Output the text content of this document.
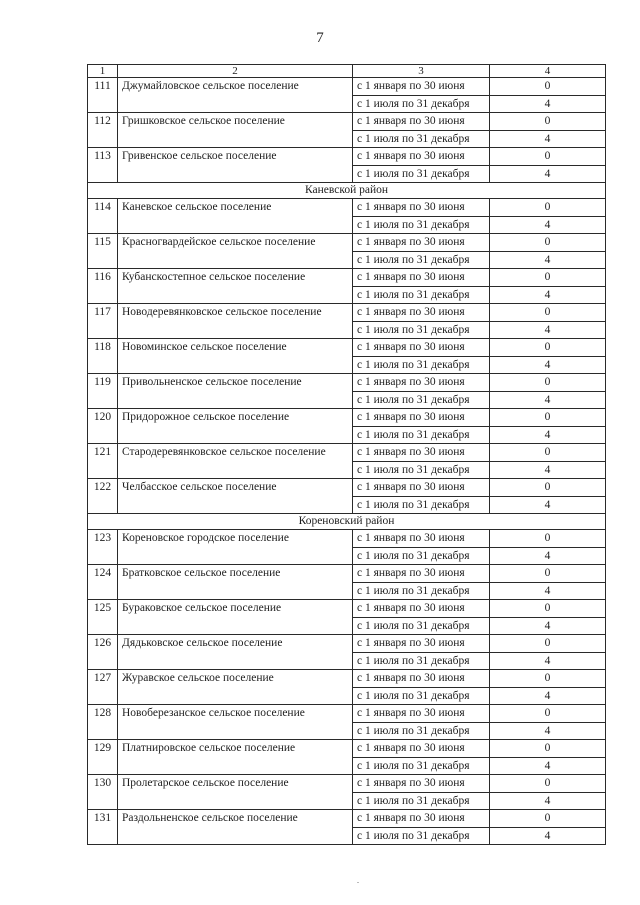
7
1	2	3	4
111	Джумайловское сельское поселение	с 1 января по 30 июня	0
		с 1 июля по 31 декабря	4
112	Гришковское сельское поселение	с 1 января по 30 июня	0
		с 1 июля по 31 декабря	4
113	Гривенское сельское поселение	с 1 января по 30 июня	0
		с 1 июля по 31 декабря	4
Каневской район			
114	Каневское сельское поселение	с 1 января по 30 июня	0
		с 1 июля по 31 декабря	4
115	Красногвардейское сельское поселение	с 1 января по 30 июня	0
		с 1 июля по 31 декабря	4
116	Кубанскостепное сельское поселение	с 1 января по 30 июня	0
		с 1 июля по 31 декабря	4
117	Новодеревянковское сельское поселение	с 1 января по 30 июня	0
		с 1 июля по 31 декабря	4
118	Новоминское сельское поселение	с 1 января по 30 июня	0
		с 1 июля по 31 декабря	4
119	Привольненское сельское поселение	с 1 января по 30 июня	0
		с 1 июля по 31 декабря	4
120	Придорожное сельское поселение	с 1 января по 30 июня	0
		с 1 июля по 31 декабря	4
121	Стародеревянковское сельское поселение	с 1 января по 30 июня	0
		с 1 июля по 31 декабря	4
122	Челбасское сельское поселение	с 1 января по 30 июня	0
		с 1 июля по 31 декабря	4
Кореновский район			
123	Кореновское городское поселение	с 1 января по 30 июня	0
		с 1 июля по 31 декабря	4
124	Братковское сельское поселение	с 1 января по 30 июня	0
		с 1 июля по 31 декабря	4
125	Бураковское сельское поселение	с 1 января по 30 июня	0
		с 1 июля по 31 декабря	4
126	Дядьковское сельское поселение	с 1 января по 30 июня	0
		с 1 июля по 31 декабря	4
127	Журавское сельское поселение	с 1 января по 30 июня	0
		с 1 июля по 31 декабря	4
128	Новоберезанское сельское поселение	с 1 января по 30 июня	0
		с 1 июля по 31 декабря	4
129	Платнировское сельское поселение	с 1 января по 30 июня	0
		с 1 июля по 31 декабря	4
130	Пролетарское сельское поселение	с 1 января по 30 июня	0
		с 1 июля по 31 декабря	4
131	Раздольненское сельское поселение	с 1 января по 30 июня	0
		с 1 июля по 31 декабря	4
